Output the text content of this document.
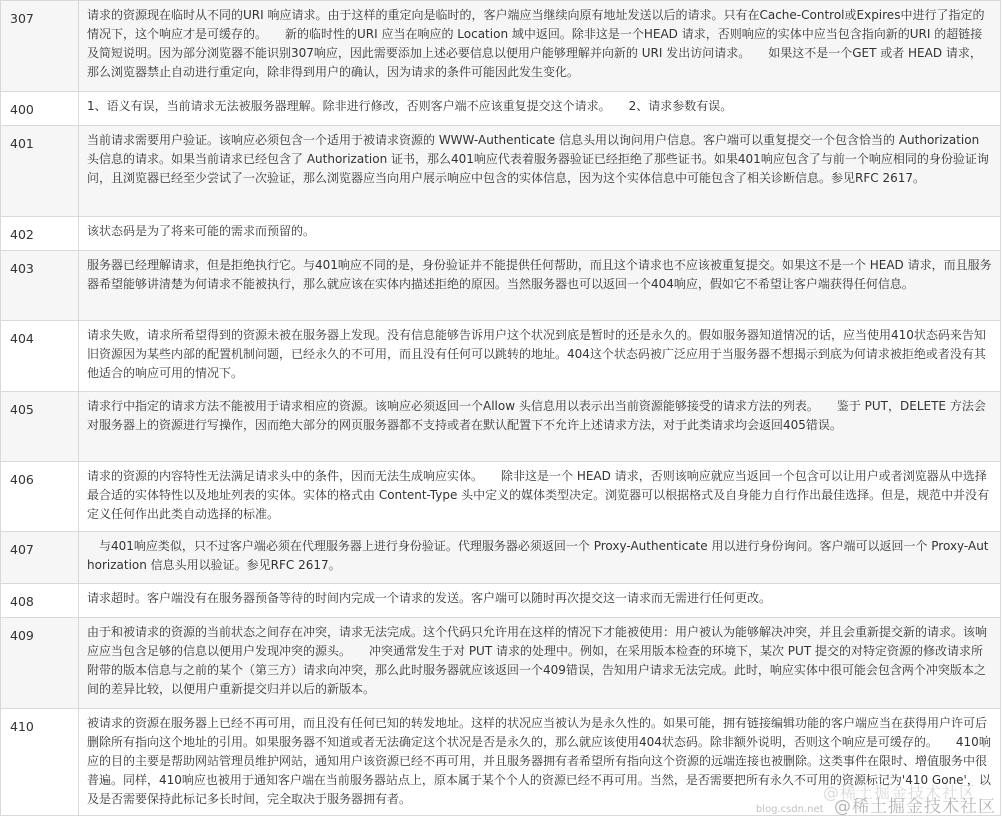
307	请求的资源现在临时从不同的URI 响应请求。由于这样的重定向是临时的，客户端应当继续向原有地址发送以后的请求。只有在Cache-Control或Expires中进行了指定的情况下，这个响应才是可缓存的。　　新的临时性的URI 应当在响应的 Location 域中返回。除非这是一个HEAD 请求，否则响应的实体中应当包含指向新的URI 的超链接及简短说明。因为部分浏览器不能识别307响应，因此需要添加上述必要信息以便用户能够理解并向新的 URI 发出访问请求。　　如果这不是一个GET 或者 HEAD 请求，那么浏览器禁止自动进行重定向，除非得到用户的确认，因为请求的条件可能因此发生变化。
400	1、语义有误，当前请求无法被服务器理解。除非进行修改，否则客户端不应该重复提交这个请求。　　2、请求参数有误。
401	当前请求需要用户验证。该响应必须包含一个适用于被请求资源的 WWW-Authenticate 信息头用以询问用户信息。客户端可以重复提交一个包含恰当的 Authorization 头信息的请求。如果当前请求已经包含了 Authorization 证书，那么401响应代表着服务器验证已经拒绝了那些证书。如果401响应包含了与前一个响应相同的身份验证询问，且浏览器已经至少尝试了一次验证，那么浏览器应当向用户展示响应中包含的实体信息，因为这个实体信息中可能包含了相关诊断信息。参见RFC 2617。
402	该状态码是为了将来可能的需求而预留的。
403	服务器已经理解请求，但是拒绝执行它。与401响应不同的是，身份验证并不能提供任何帮助，而且这个请求也不应该被重复提交。如果这不是一个 HEAD 请求，而且服务器希望能够讲清楚为何请求不能被执行，那么就应该在实体内描述拒绝的原因。当然服务器也可以返回一个404响应，假如它不希望让客户端获得任何信息。
404	请求失败，请求所希望得到的资源未被在服务器上发现。没有信息能够告诉用户这个状况到底是暂时的还是永久的。假如服务器知道情况的话，应当使用410状态码来告知旧资源因为某些内部的配置机制问题，已经永久的不可用，而且没有任何可以跳转的地址。404这个状态码被广泛应用于当服务器不想揭示到底为何请求被拒绝或者没有其他适合的响应可用的情况下。
405	请求行中指定的请求方法不能被用于请求相应的资源。该响应必须返回一个Allow 头信息用以表示出当前资源能够接受的请求方法的列表。　　鉴于 PUT，DELETE 方法会对服务器上的资源进行写操作，因而绝大部分的网页服务器都不支持或者在默认配置下不允许上述请求方法，对于此类请求均会返回405错误。
406	请求的资源的内容特性无法满足请求头中的条件，因而无法生成响应实体。　　除非这是一个 HEAD 请求，否则该响应就应当返回一个包含可以让用户或者浏览器从中选择最合适的实体特性以及地址列表的实体。实体的格式由 Content-Type 头中定义的媒体类型决定。浏览器可以根据格式及自身能力自行作出最佳选择。但是，规范中并没有定义任何作出此类自动选择的标准。
407	　与401响应类似，只不过客户端必须在代理服务器上进行身份验证。代理服务器必须返回一个 Proxy-Authenticate 用以进行身份询问。客户端可以返回一个 Proxy-Authorization 信息头用以验证。参见RFC 2617。
408	请求超时。客户端没有在服务器预备等待的时间内完成一个请求的发送。客户端可以随时再次提交这一请求而无需进行任何更改。
409	由于和被请求的资源的当前状态之间存在冲突，请求无法完成。这个代码只允许用在这样的情况下才能被使用：用户被认为能够解决冲突，并且会重新提交新的请求。该响应应当包含足够的信息以便用户发现冲突的源头。　　冲突通常发生于对 PUT 请求的处理中。例如，在采用版本检查的环境下，某次 PUT 提交的对特定资源的修改请求所附带的版本信息与之前的某个（第三方）请求向冲突，那么此时服务器就应该返回一个409错误，告知用户请求无法完成。此时，响应实体中很可能会包含两个冲突版本之间的差异比较，以便用户重新提交归并以后的新版本。
410	被请求的资源在服务器上已经不再可用，而且没有任何已知的转发地址。这样的状况应当被认为是永久性的。如果可能，拥有链接编辑功能的客户端应当在获得用户许可后删除所有指向这个地址的引用。如果服务器不知道或者无法确定这个状况是否是永久的，那么就应该使用404状态码。除非额外说明，否则这个响应是可缓存的。　　410响应的目的主要是帮助网站管理员维护网站，通知用户该资源已经不再可用，并且服务器拥有者希望所有指向这个资源的远端连接也被删除。这类事件在限时、增值服务中很普遍。同样，410响应也被用于通知客户端在当前服务器站点上，原本属于某个个人的资源已经不再可用。当然，是否需要把所有永久不可用的资源标记为'410 Gone'，以及是否需要保持此标记多长时间，完全取决于服务器拥有者。	@稀土掘金技术社区
blog.csdn.net @稀土掘金技术社区
